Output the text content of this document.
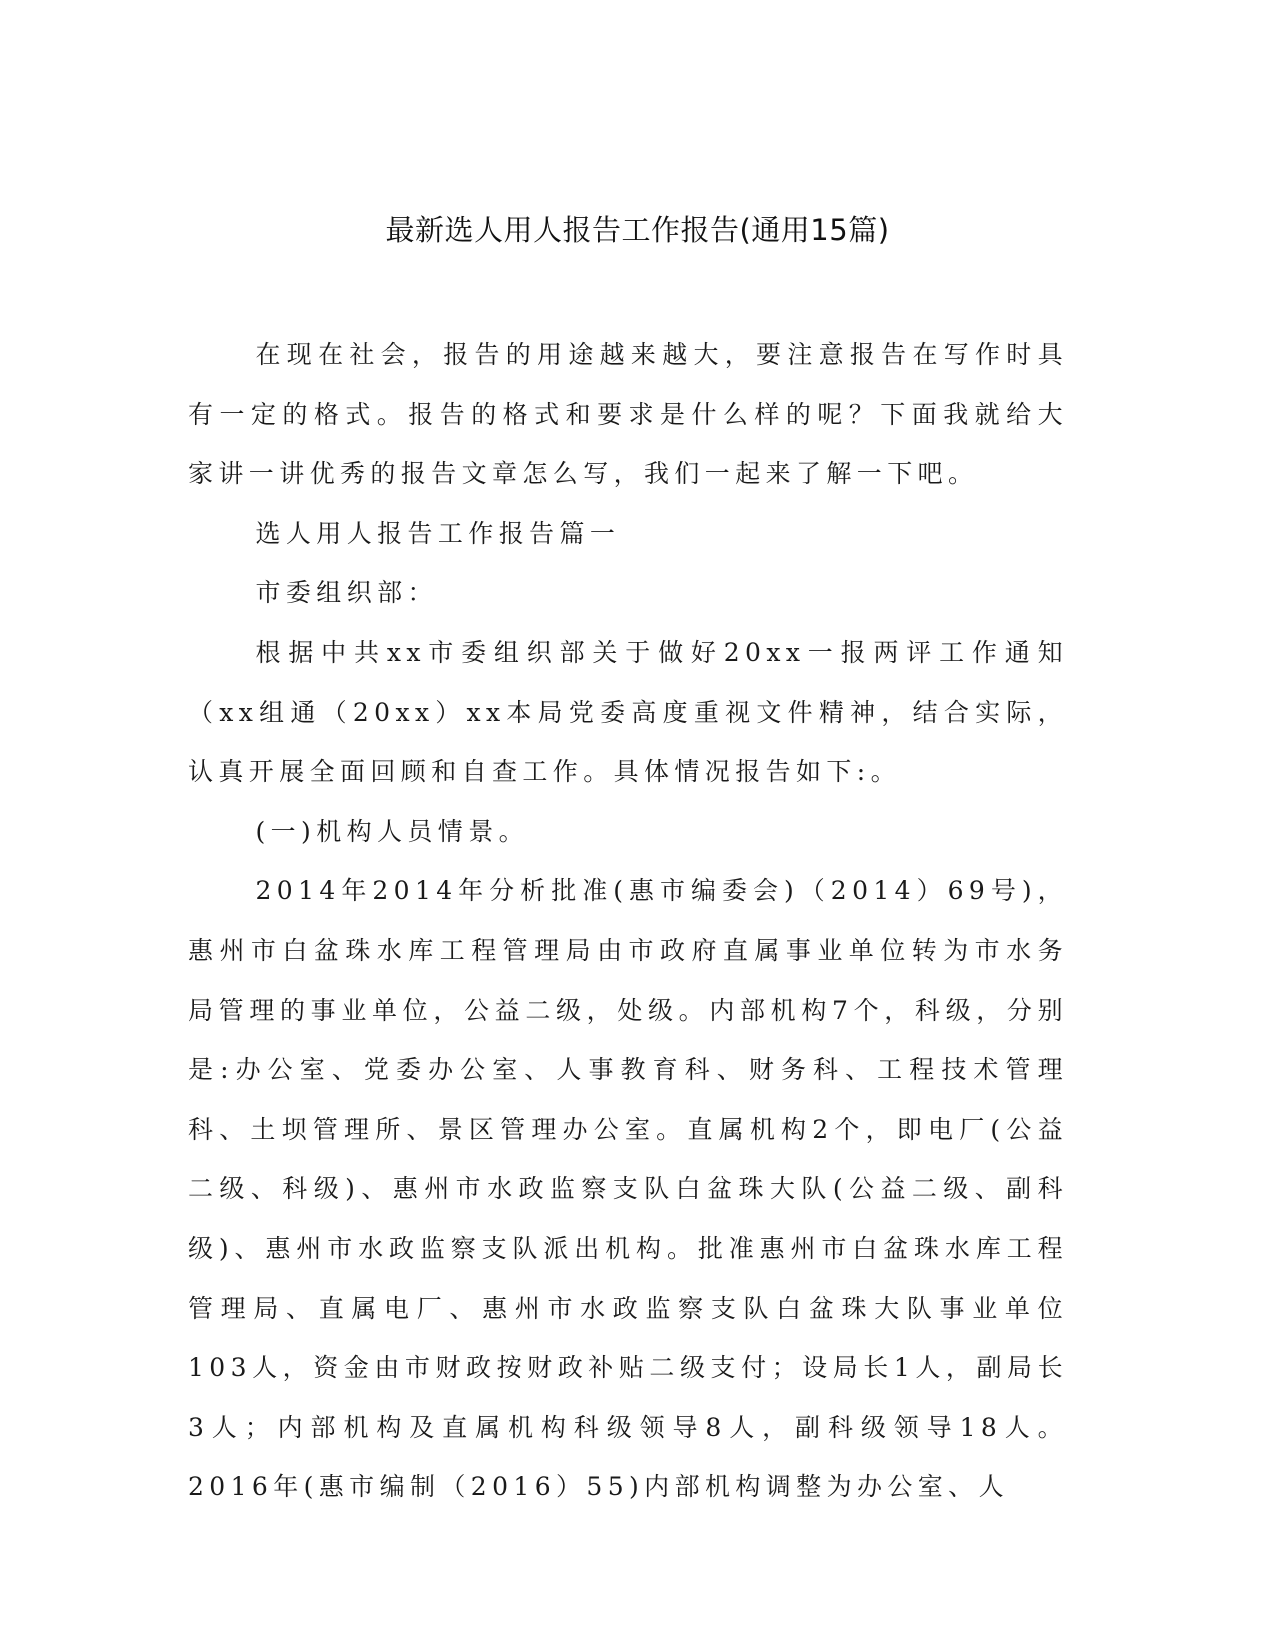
最新选人用人报告工作报告(通用15篇)

在现在社会，报告的用途越来越大，要注意报告在写作时具有一定的格式。报告的格式和要求是什么样的呢？下面我就给大家讲一讲优秀的报告文章怎么写，我们一起来了解一下吧。

选人用人报告工作报告篇一

市委组织部：

根据中共xx市委组织部关于做好20xx一报两评工作通知（xx组通（20xx）xx本局党委高度重视文件精神，结合实际，认真开展全面回顾和自查工作。具体情况报告如下:。

(一)机构人员情景。

2014年2014年分析批准(惠市编委会)（2014）69号)，惠州市白盆珠水库工程管理局由市政府直属事业单位转为市水务局管理的事业单位，公益二级，处级。内部机构7个，科级，分别是:办公室、党委办公室、人事教育科、财务科、工程技术管理科、土坝管理所、景区管理办公室。直属机构2个，即电厂(公益二级、科级)、惠州市水政监察支队白盆珠大队(公益二级、副科级)、惠州市水政监察支队派出机构。批准惠州市白盆珠水库工程管理局、直属电厂、惠州市水政监察支队白盆珠大队事业单位103人，资金由市财政按财政补贴二级支付；设局长1人，副局长3人；内部机构及直属机构科级领导8人，副科级领导18人。2016年(惠市编制（2016）55)内部机构调整为办公室、人
